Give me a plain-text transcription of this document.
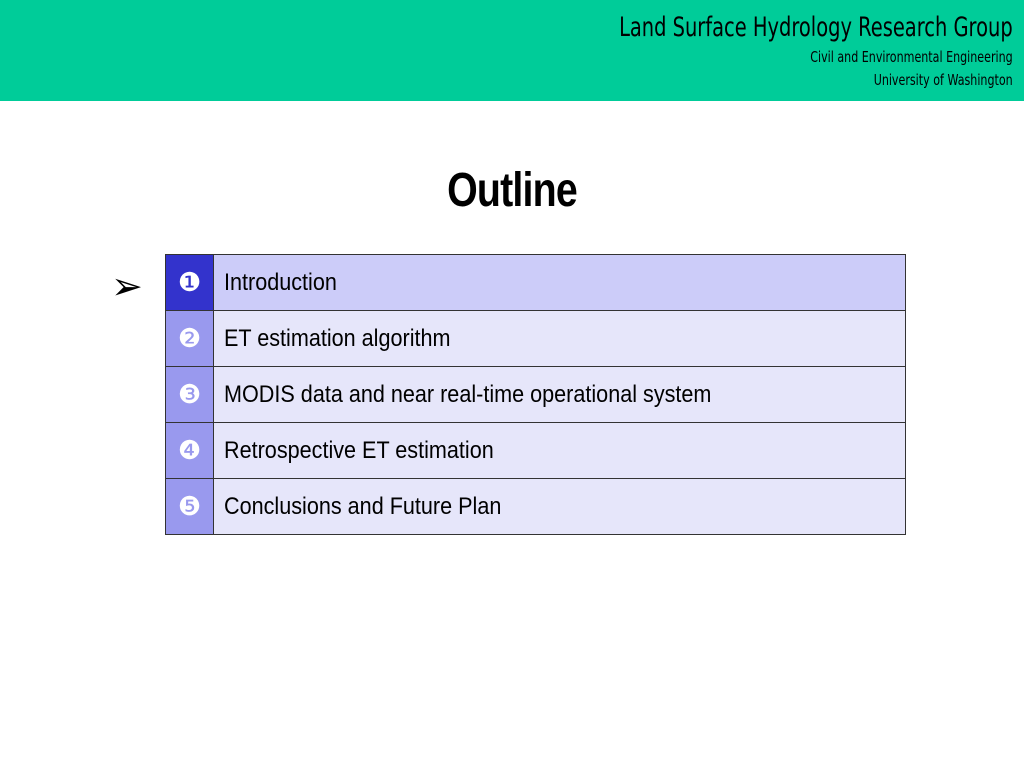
Land Surface Hydrology Research Group
Civil and Environmental Engineering
University of Washington
Outline
➢ ❶	Introduction
❷	ET estimation algorithm
❸	MODIS data and near real-time operational system
❹	Retrospective ET estimation
❺	Conclusions and Future Plan
